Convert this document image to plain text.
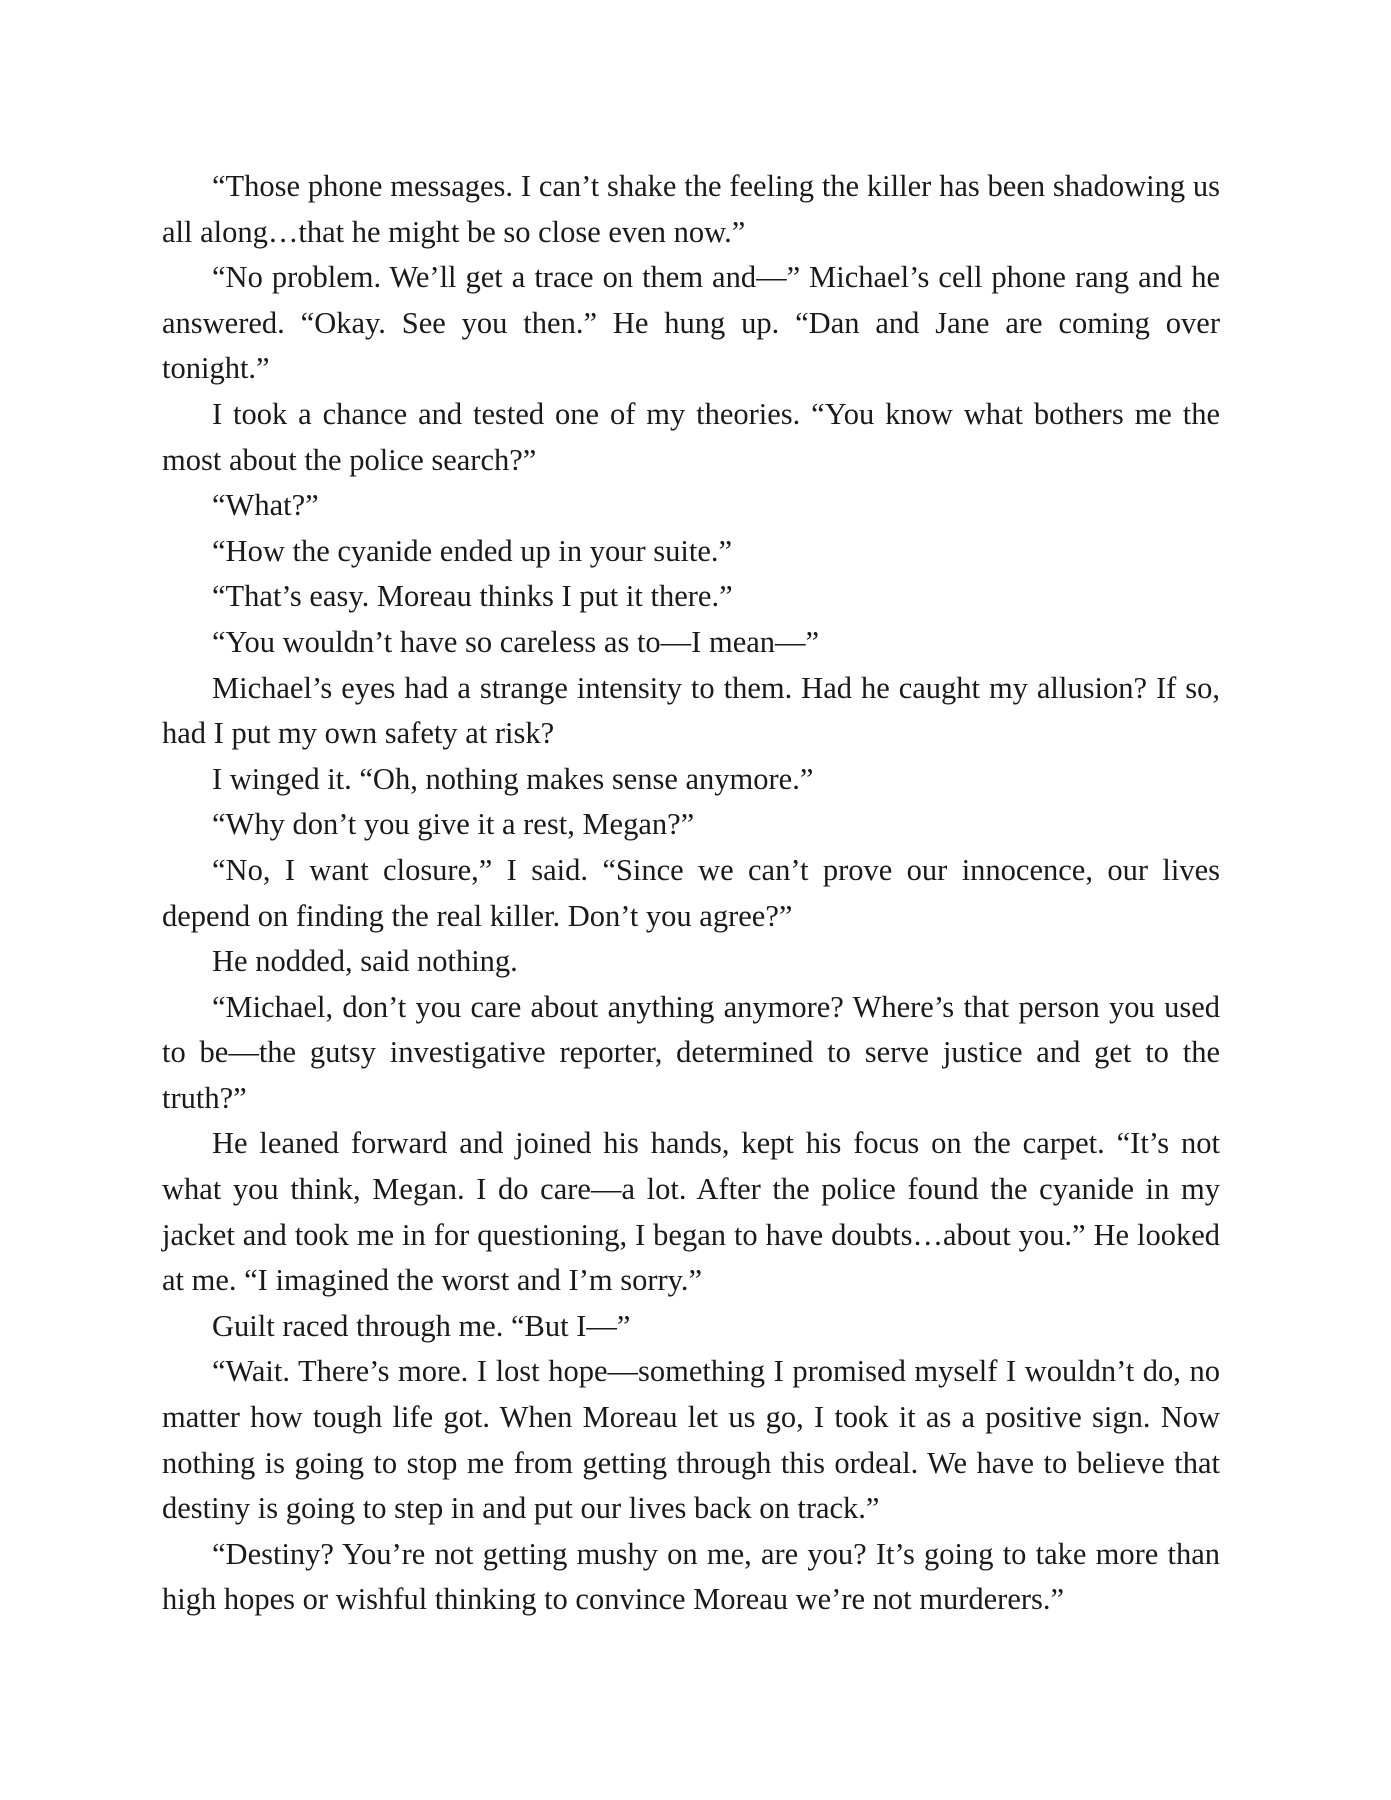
“Those phone messages. I can’t shake the feeling the killer has been shadowing us all along…that he might be so close even now.”

“No problem. We’ll get a trace on them and—” Michael’s cell phone rang and he answered. “Okay. See you then.” He hung up. “Dan and Jane are coming over tonight.”

I took a chance and tested one of my theories. “You know what bothers me the most about the police search?”

“What?”

“How the cyanide ended up in your suite.”

“That’s easy. Moreau thinks I put it there.”

“You wouldn’t have so careless as to—I mean—”

Michael’s eyes had a strange intensity to them. Had he caught my allusion? If so, had I put my own safety at risk?

I winged it. “Oh, nothing makes sense anymore.”

“Why don’t you give it a rest, Megan?”

“No, I want closure,” I said. “Since we can’t prove our innocence, our lives depend on finding the real killer. Don’t you agree?”

He nodded, said nothing.

“Michael, don’t you care about anything anymore? Where’s that person you used to be—the gutsy investigative reporter, determined to serve justice and get to the truth?”

He leaned forward and joined his hands, kept his focus on the carpet. “It’s not what you think, Megan. I do care—a lot. After the police found the cyanide in my jacket and took me in for questioning, I began to have doubts…about you.” He looked at me. “I imagined the worst and I’m sorry.”

Guilt raced through me. “But I—”

“Wait. There’s more. I lost hope—something I promised myself I wouldn’t do, no matter how tough life got. When Moreau let us go, I took it as a positive sign. Now nothing is going to stop me from getting through this ordeal. We have to believe that destiny is going to step in and put our lives back on track.”

“Destiny? You’re not getting mushy on me, are you? It’s going to take more than high hopes or wishful thinking to convince Moreau we’re not murderers.”
